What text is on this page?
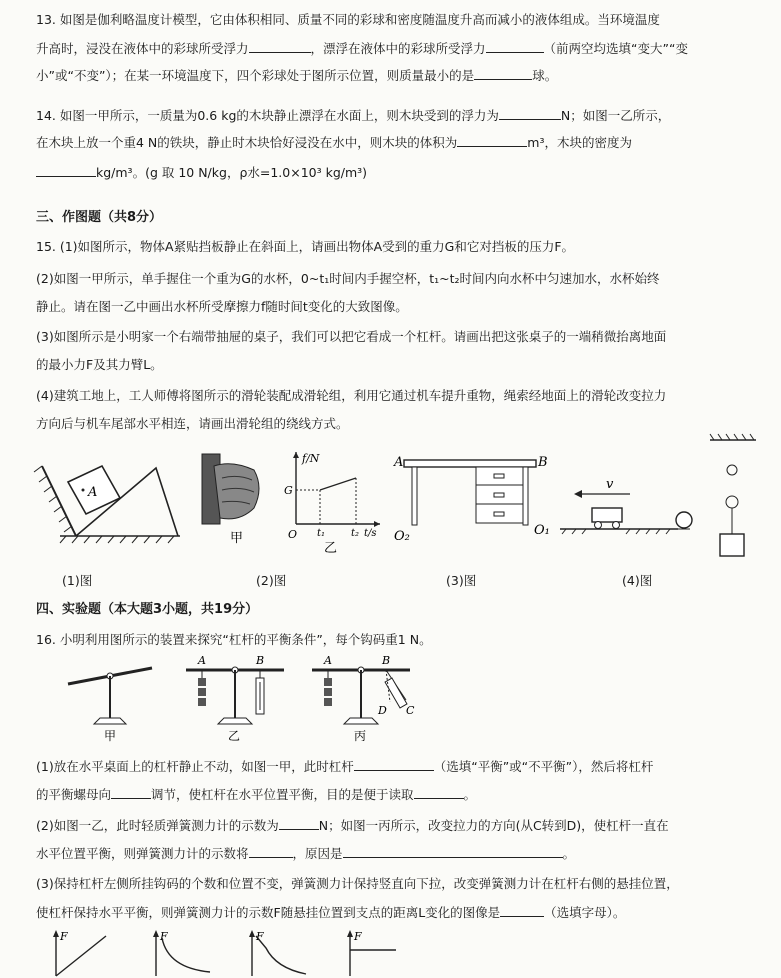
13. 如图是伽利略温度计模型，它由体积相同、质量不同的彩球和密度随温度升高而减小的液体组成。当环境温度
升高时，浸没在液体中的彩球所受浮力	，漂浮在液体中的彩球所受浮力	（前两空均选填“变大”“变
小”或“不变”）；在某一环境温度下，四个彩球处于图所示位置，则质量最小的是	球。
14. 如图一甲所示，一质量为0.6 kg的木块静止漂浮在水面上，则木块受到的浮力为	N；如图一乙所示，
在木块上放一个重4 N的铁块，静止时木块恰好浸没在水中，则木块的体积为	m³，木块的密度为
kg/m³。(g 取 10 N/kg，ρ水=1.0×10³ kg/m³)
三、作图题（共8分）
15. (1)如图所示，物体A紧贴挡板静止在斜面上，请画出物体A受到的重力G和它对挡板的压力F。
(2)如图一甲所示，单手握住一个重为G的水杯，0~t₁时间内手握空杯，t₁~t₂时间内向水杯中匀速加水，水杯始终
静止。请在图一乙中画出水杯所受摩擦力f随时间t变化的大致图像。
(3)如图所示是小明家一个右端带抽屉的桌子，我们可以把它看成一个杠杆。请画出把这张桌子的一端稍微抬离地面
的最小力F及其力臂L。
(4)建筑工地上，工人师傅将图所示的滑轮装配成滑轮组，利用它通过机车提升重物，绳索经地面上的滑轮改变拉力
方向后与机车尾部水平相连，请画出滑轮组的绕线方式。
A
甲
f/N
G
O t₁	t₂ t/s
乙
A	B
O₂	O₁
v
(1)图	(2)图	(3)图	(4)图
四、实验题（本大题3小题，共19分）
16. 小明利用图所示的装置来探究“杠杆的平衡条件”，每个钩码重1 N。
甲
A	B
乙
A	B
D C
丙
(1)放在水平桌面上的杠杆静止不动，如图一甲，此时杠杆	（选填“平衡”或“不平衡”），然后将杠杆
的平衡螺母向	调节，使杠杆在水平位置平衡，目的是便于读取	。
(2)如图一乙，此时轻质弹簧测力计的示数为	N；如图一丙所示，改变拉力的方向(从C转到D)，使杠杆一直在
水平位置平衡，则弹簧测力计的示数将	，原因是	。
(3)保持杠杆左侧所挂钩码的个数和位置不变，弹簧测力计保持竖直向下拉，改变弹簧测力计在杠杆右侧的悬挂位置，
使杠杆保持水平平衡，则弹簧测力计的示数F随悬挂位置到支点的距离L变化的图像是	（选填字母）。
F	F	F	F
